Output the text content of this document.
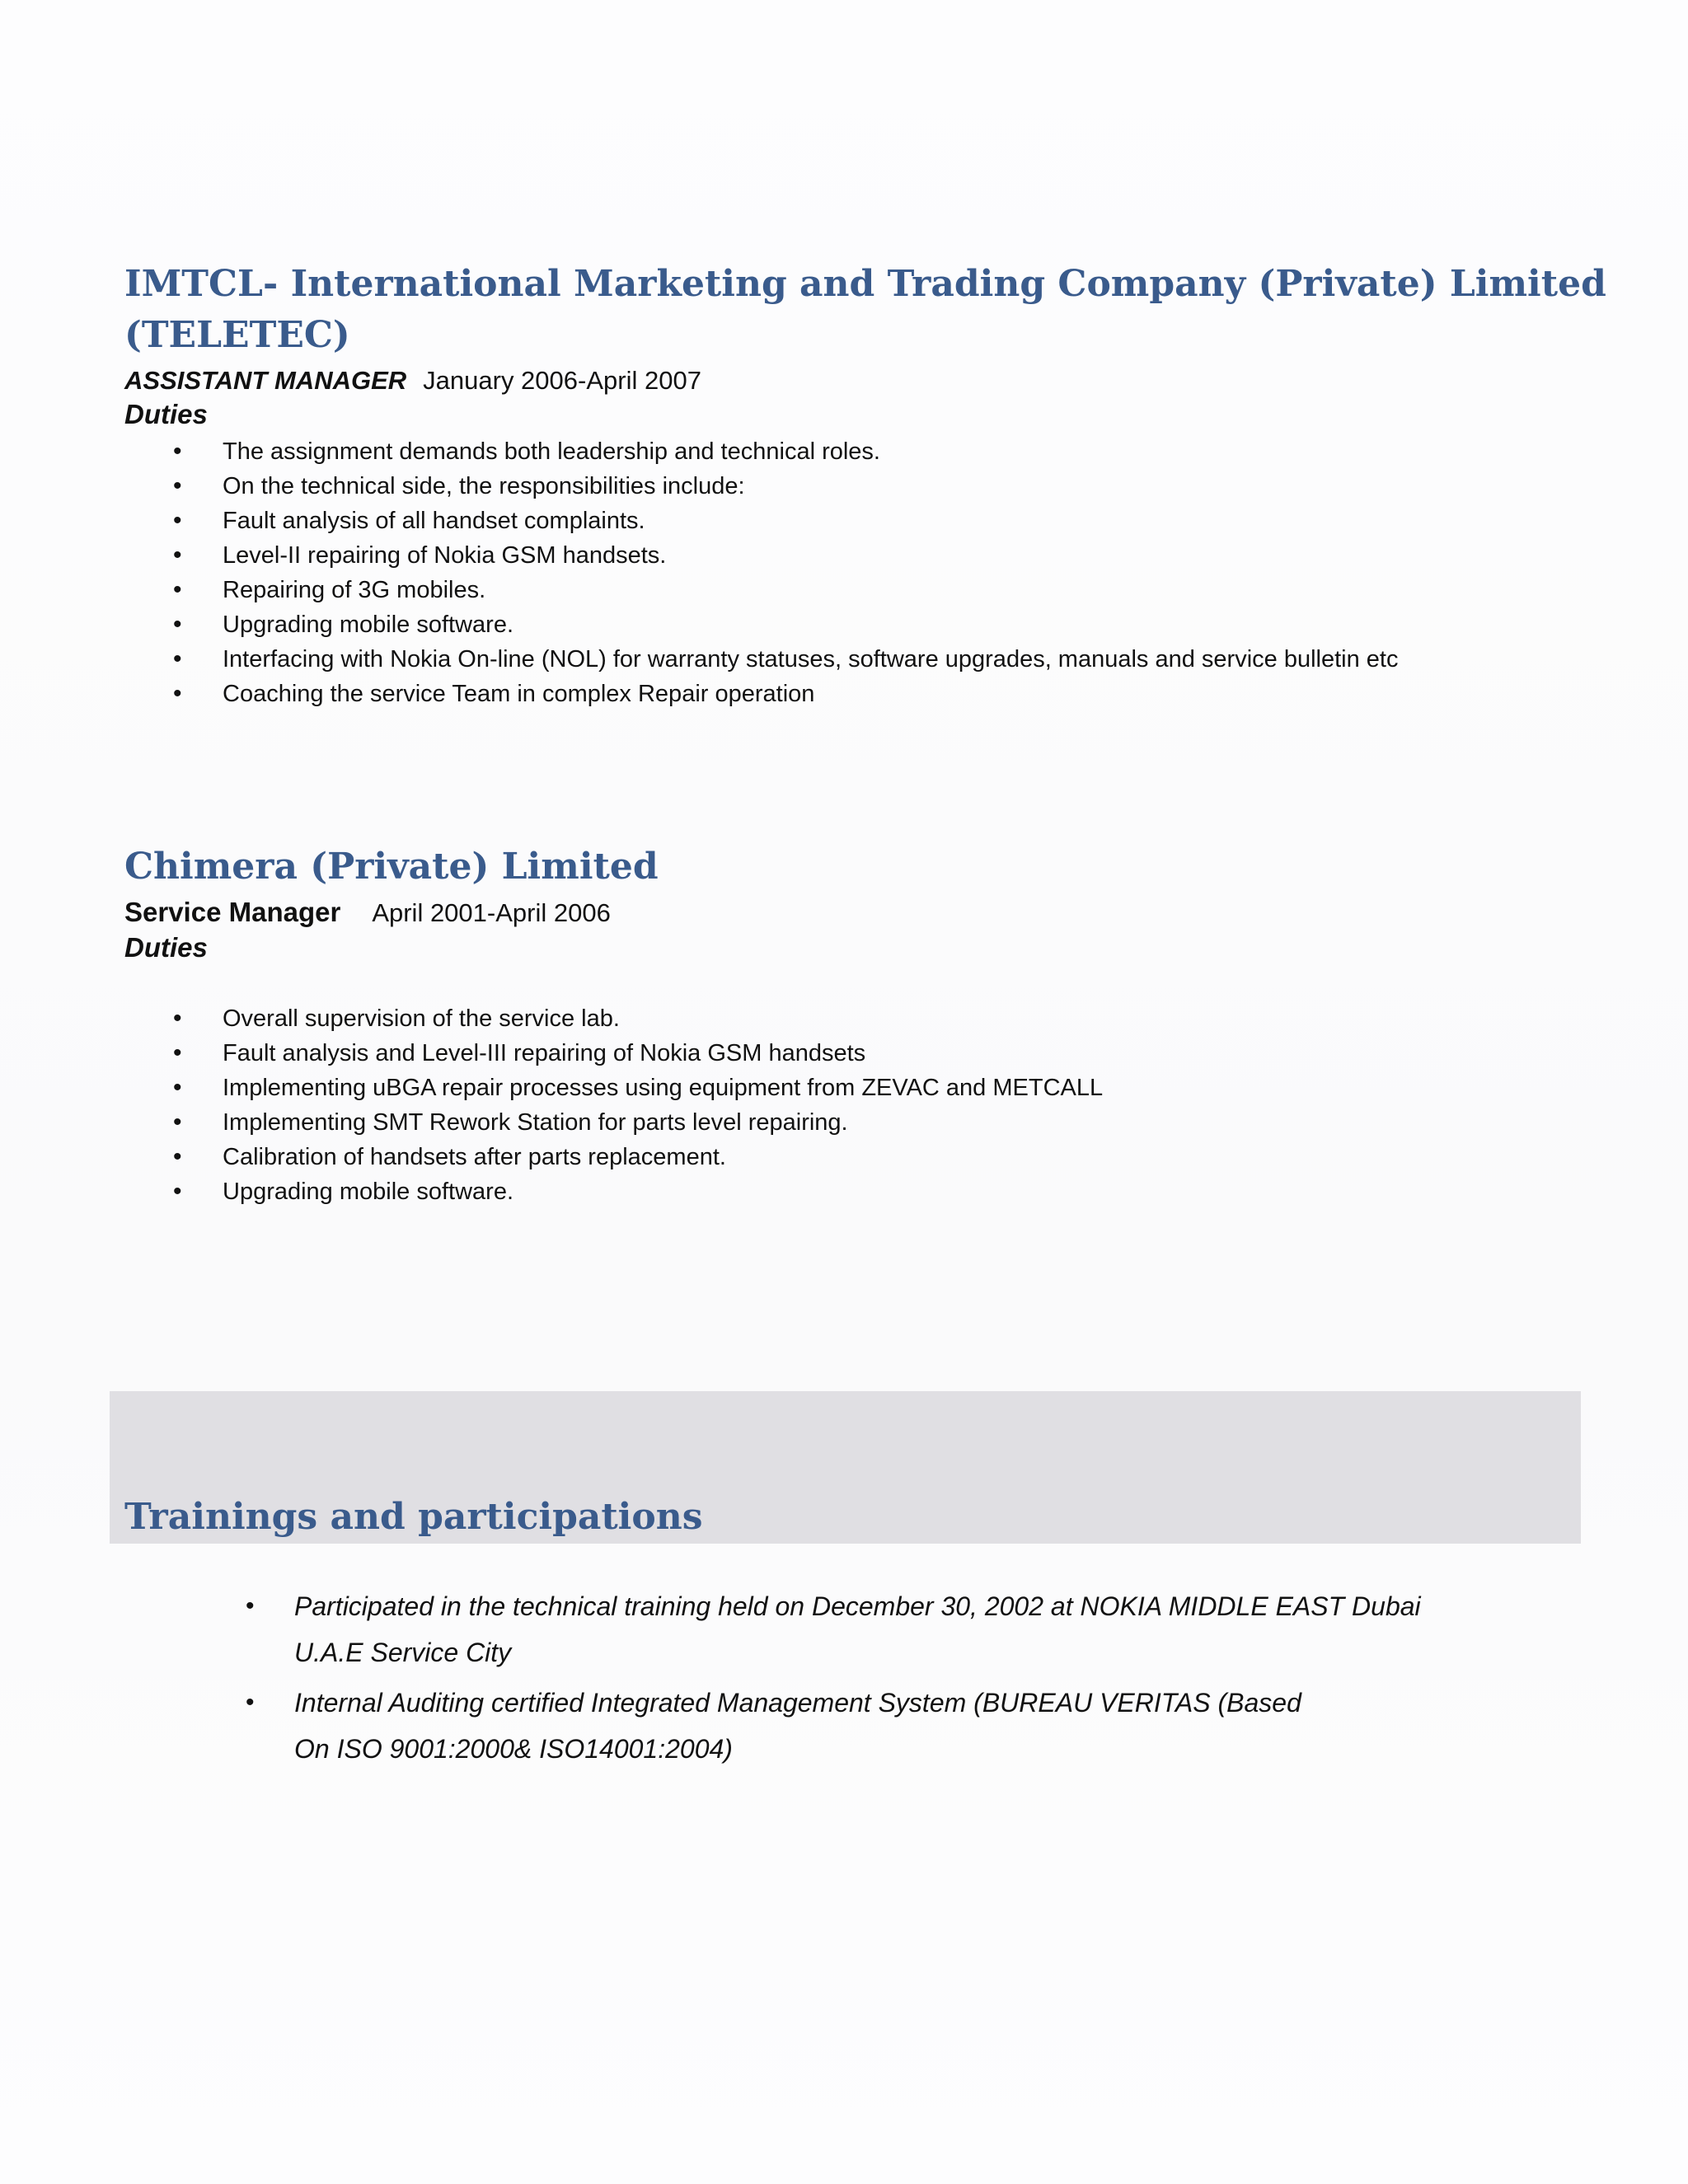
IMTCL- International Marketing and Trading Company (Private) Limited
(TELETEC)
ASSISTANT MANAGER January 2006-April 2007
Duties
• The assignment demands both leadership and technical roles.
• On the technical side, the responsibilities include:
• Fault analysis of all handset complaints.
• Level-II repairing of Nokia GSM handsets.
• Repairing of 3G mobiles.
• Upgrading mobile software.
• Interfacing with Nokia On-line (NOL) for warranty statuses, software upgrades, manuals and service bulletin etc
• Coaching the service Team in complex Repair operation
Chimera (Private) Limited
Service Manager April 2001-April 2006
Duties
• Overall supervision of the service lab.
• Fault analysis and Level-III repairing of Nokia GSM handsets
• Implementing uBGA repair processes using equipment from ZEVAC and METCALL
• Implementing SMT Rework Station for parts level repairing.
• Calibration of handsets after parts replacement.
• Upgrading mobile software.
Trainings and participations
• Participated in the technical training held on December 30, 2002 at NOKIA MIDDLE EAST Dubai
U.A.E Service City
• Internal Auditing certified Integrated Management System (BUREAU VERITAS (Based
On ISO 9001:2000& ISO14001:2004)
